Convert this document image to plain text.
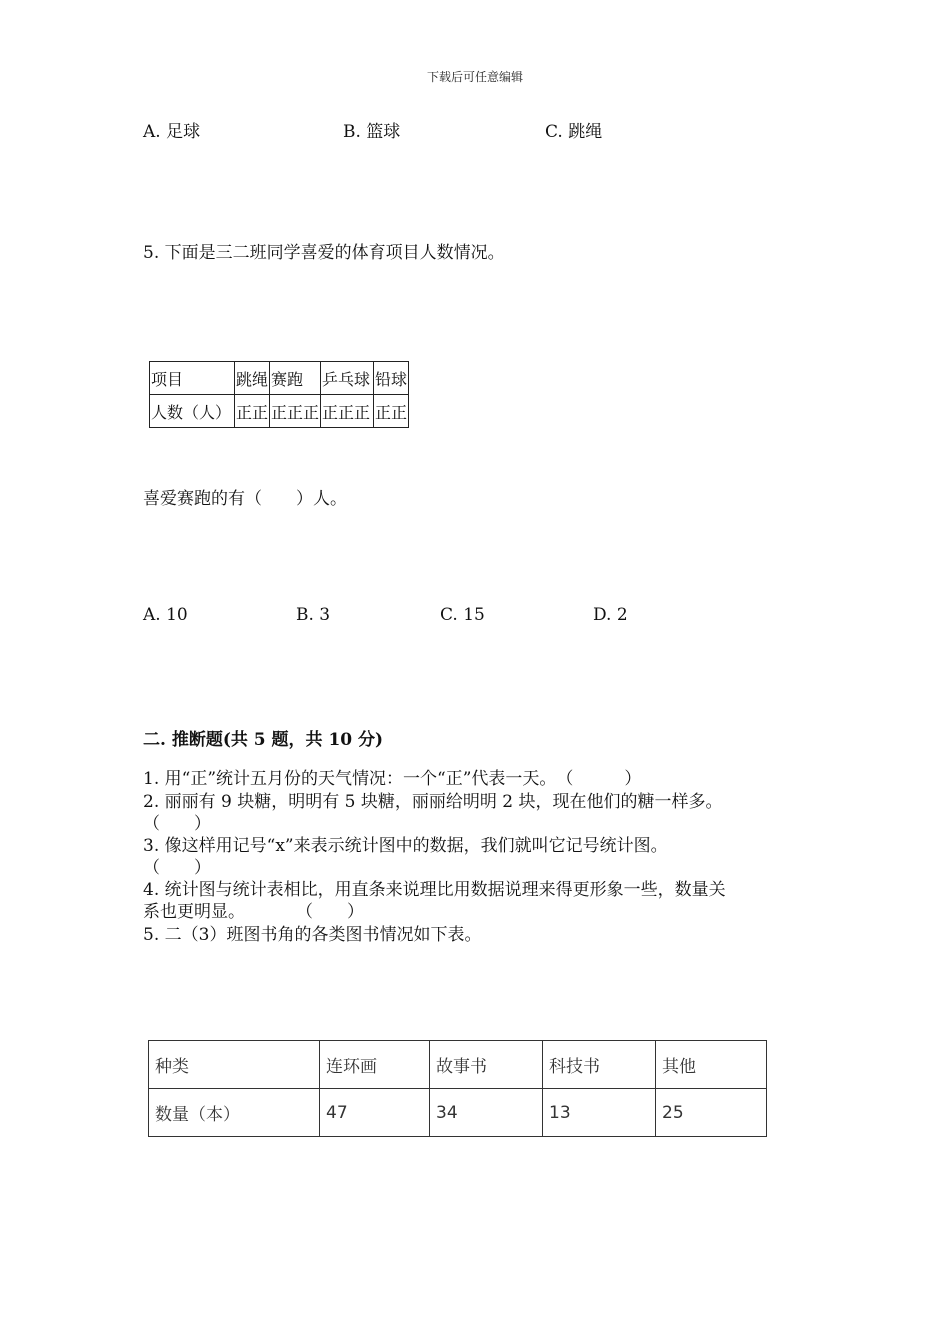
下载后可任意编辑
A. 足球	B. 篮球	C. 跳绳
5. 下面是三二班同学喜爱的体育项目人数情况。
项目	跳绳	赛跑	乒乓球	铅球
人数（人）	正正	正正正	正正正	正正
喜爱赛跑的有（　　）人。
A. 10	B. 3	C. 15	D. 2
二. 推断题(共 5 题，共 10 分)
1. 用“正”统计五月份的天气情况：一个“正”代表一天。　（　　　）
2. 丽丽有 9 块糖，明明有 5 块糖，丽丽给明明 2 块，现在他们的糖一样多。
（　　）
3. 像这样用记号“x”来表示统计图中的数据，我们就叫它记号统计图。
（　　）
4. 统计图与统计表相比，用直条来说理比用数据说理来得更形象一些，数量关
系也更明显。　　　　（　　）
5. 二（3）班图书角的各类图书情况如下表。
种类	连环画	故事书	科技书	其他
数量（本）	47	34	13	25
